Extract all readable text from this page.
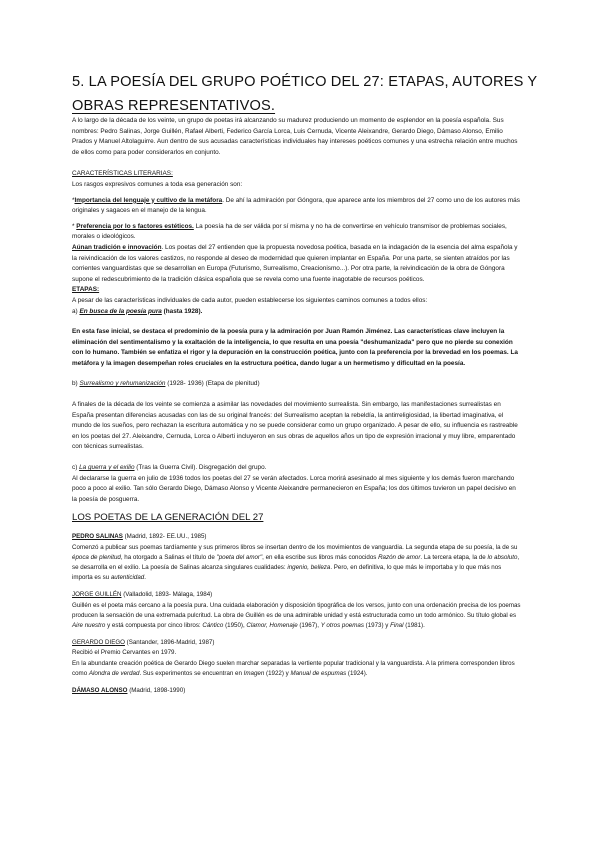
5. LA POESÍA DEL GRUPO POÉTICO DEL 27: ETAPAS, AUTORES Y
OBRAS REPRESENTATIVOS.

A lo largo de la década de los veinte, un grupo de poetas irá alcanzando su madurez produciendo un momento de esplendor en la poesía española. Sus nombres: Pedro Salinas, Jorge Guillén, Rafael Alberti, Federico García Lorca, Luis Cernuda, Vicente Aleixandre, Gerardo Diego, Dámaso Alonso, Emilio Prados y Manuel Altolaguirre. Aun dentro de sus acusadas características individuales hay intereses poéticos comunes y una estrecha relación entre muchos de ellos como para poder considerarlos en conjunto.

CARACTERÍSTICAS LITERARIAS:

Los rasgos expresivos comunes a toda esa generación son:

*Importancia del lenguaje y cultivo de la metáfora. De ahí la admiración por Góngora, que aparece ante los miembros del 27 como uno de los autores más originales y sagaces en el manejo de la lengua.

* Preferencia por lo s factores estéticos. La poesía ha de ser válida por sí misma y no ha de convertirse en vehículo transmisor de problemas sociales, morales o ideológicos.

Aúnan tradición e innovación. Los poetas del 27 entienden que la propuesta novedosa poética, basada en la indagación de la esencia del alma española y la reivindicación de los valores castizos, no responde al deseo de modernidad que quieren implantar en España. Por una parte, se sienten atraídos por las corrientes vanguardistas que se desarrollan en Europa (Futurismo, Surrealismo, Creacionismo...). Por otra parte, la reivindicación de la obra de Góngora supone el redescubrimiento de la tradición clásica española que se revela como una fuente inagotable de recursos poéticos.

ETAPAS:

A pesar de las características individuales de cada autor, pueden establecerse los siguientes caminos comunes a todos ellos:

a) En busca de la poesía pura (hasta 1928).

En esta fase inicial, se destaca el predominio de la poesía pura y la admiración por Juan Ramón Jiménez. Las características clave incluyen la eliminación del sentimentalismo y la exaltación de la inteligencia, lo que resulta en una poesía "deshumanizada" pero que no pierde su conexión con lo humano. También se enfatiza el rigor y la depuración en la construcción poética, junto con la preferencia por la brevedad en los poemas. La metáfora y la imagen desempeñan roles cruciales en la estructura poética, dando lugar a un hermetismo y dificultad en la poesía.

b) Surrealismo y rehumanización (1928- 1936) (Etapa de plenitud)

A finales de la década de los veinte se comienza a asimilar las novedades del movimiento surrealista. Sin embargo, las manifestaciones surrealistas en España presentan diferencias acusadas con las de su original francés: del Surrealismo aceptan la rebeldía, la antirreligiosidad, la libertad imaginativa, el mundo de los sueños, pero rechazan la escritura automática y no se puede considerar como un grupo organizado. A pesar de ello, su influencia es rastreable en los poetas del 27. Aleixandre, Cernuda, Lorca o Alberti incluyeron en sus obras de aquellos años un tipo de expresión irracional y muy libre, emparentado con técnicas surrealistas.

c) La guerra y el exilio (Tras la Guerra Civil). Disgregación del grupo.

Al declararse la guerra en julio de 1936 todos los poetas del 27 se verán afectados. Lorca morirá asesinado al mes siguiente y los demás fueron marchando poco a poco al exilio. Tan sólo Gerardo Diego, Dámaso Alonso y Vicente Aleixandre permanecieron en España; los dos últimos tuvieron un papel decisivo en la poesía de posguerra.

LOS POETAS DE LA GENERACIÓN DEL 27

PEDRO SALINAS (Madrid, 1892- EE.UU., 1985)

Comenzó a publicar sus poemas tardíamente y sus primeros libros se insertan dentro de los movimientos de vanguardia. La segunda etapa de su poesía, la de su época de plenitud, ha otorgado a Salinas el título de "poeta del amor", en ella escribe sus libros más conocidos Razón de amor. La tercera etapa, la de lo absoluto, se desarrolla en el exilio. La poesía de Salinas alcanza singulares cualidades: ingenio, belleza. Pero, en definitiva, lo que más le importaba y lo que más nos importa es su autenticidad.

JORGE GUILLÉN (Valladolid, 1893- Málaga, 1984)

Guillén es el poeta más cercano a la poesía pura. Una cuidada elaboración y disposición tipográfica de los versos, junto con una ordenación precisa de los poemas producen la sensación de una extremada pulcritud. La obra de Guillén es de una admirable unidad y está estructurada como un todo armónico. Su título global es Aire nuestro y está compuesta por cinco libros: Cántico (1950), Clamor, Homenaje (1967), Y otros poemas (1973) y Final (1981).

GERARDO DIEGO (Santander, 1896-Madrid, 1987)

Recibió el Premio Cervantes en 1979.

En la abundante creación poética de Gerardo Diego suelen marchar separadas la vertiente popular tradicional y la vanguardista. A la primera corresponden libros como Alondra de verdad. Sus experimentos se encuentran en Imagen (1922) y Manual de espumas (1924).

DÁMASO ALONSO (Madrid, 1898-1990)
